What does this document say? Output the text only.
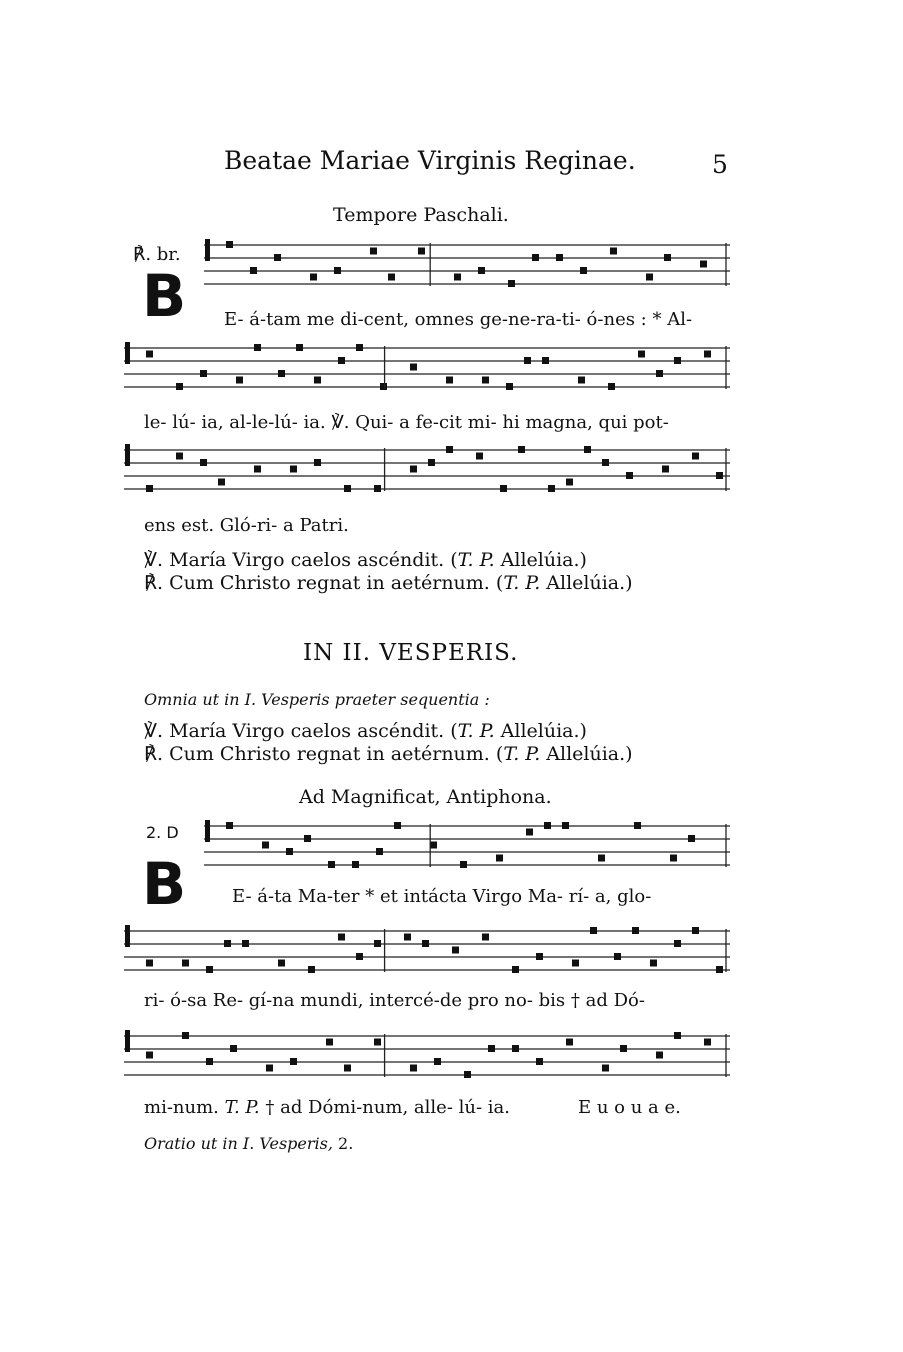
Beatae Mariae Virginis Reginae.	5
Tempore Paschali.
℟. br.
B E- á-tam me di-cent, omnes ge-ne-ra-ti- ó-nes : * Al-
le- lú- ia, al-le-lú- ia. ℣. Qui- a fe-cit mi- hi magna, qui pot-
ens est. Gló-ri- a Patri.
℣. María Virgo caelos ascéndit. (T. P. Allelúia.)
℟. Cum Christo regnat in aetérnum. (T. P. Allelúia.)
IN II. VESPERIS.
Omnia ut in I. Vesperis praeter sequentia :
℣. María Virgo caelos ascéndit. (T. P. Allelúia.)
℟. Cum Christo regnat in aetérnum. (T. P. Allelúia.)
Ad Magnificat, Antiphona.
2. D
B	E- á-ta Ma-ter * et intácta Virgo Ma- rí- a, glo-
ri- ó-sa Re- gí-na mundi, intercé-de pro no- bis † ad Dó-
mi-num. T. P. † ad Dómi-num, alle- lú- ia.	E u o u a e.
Oratio ut in I. Vesperis, 2.
